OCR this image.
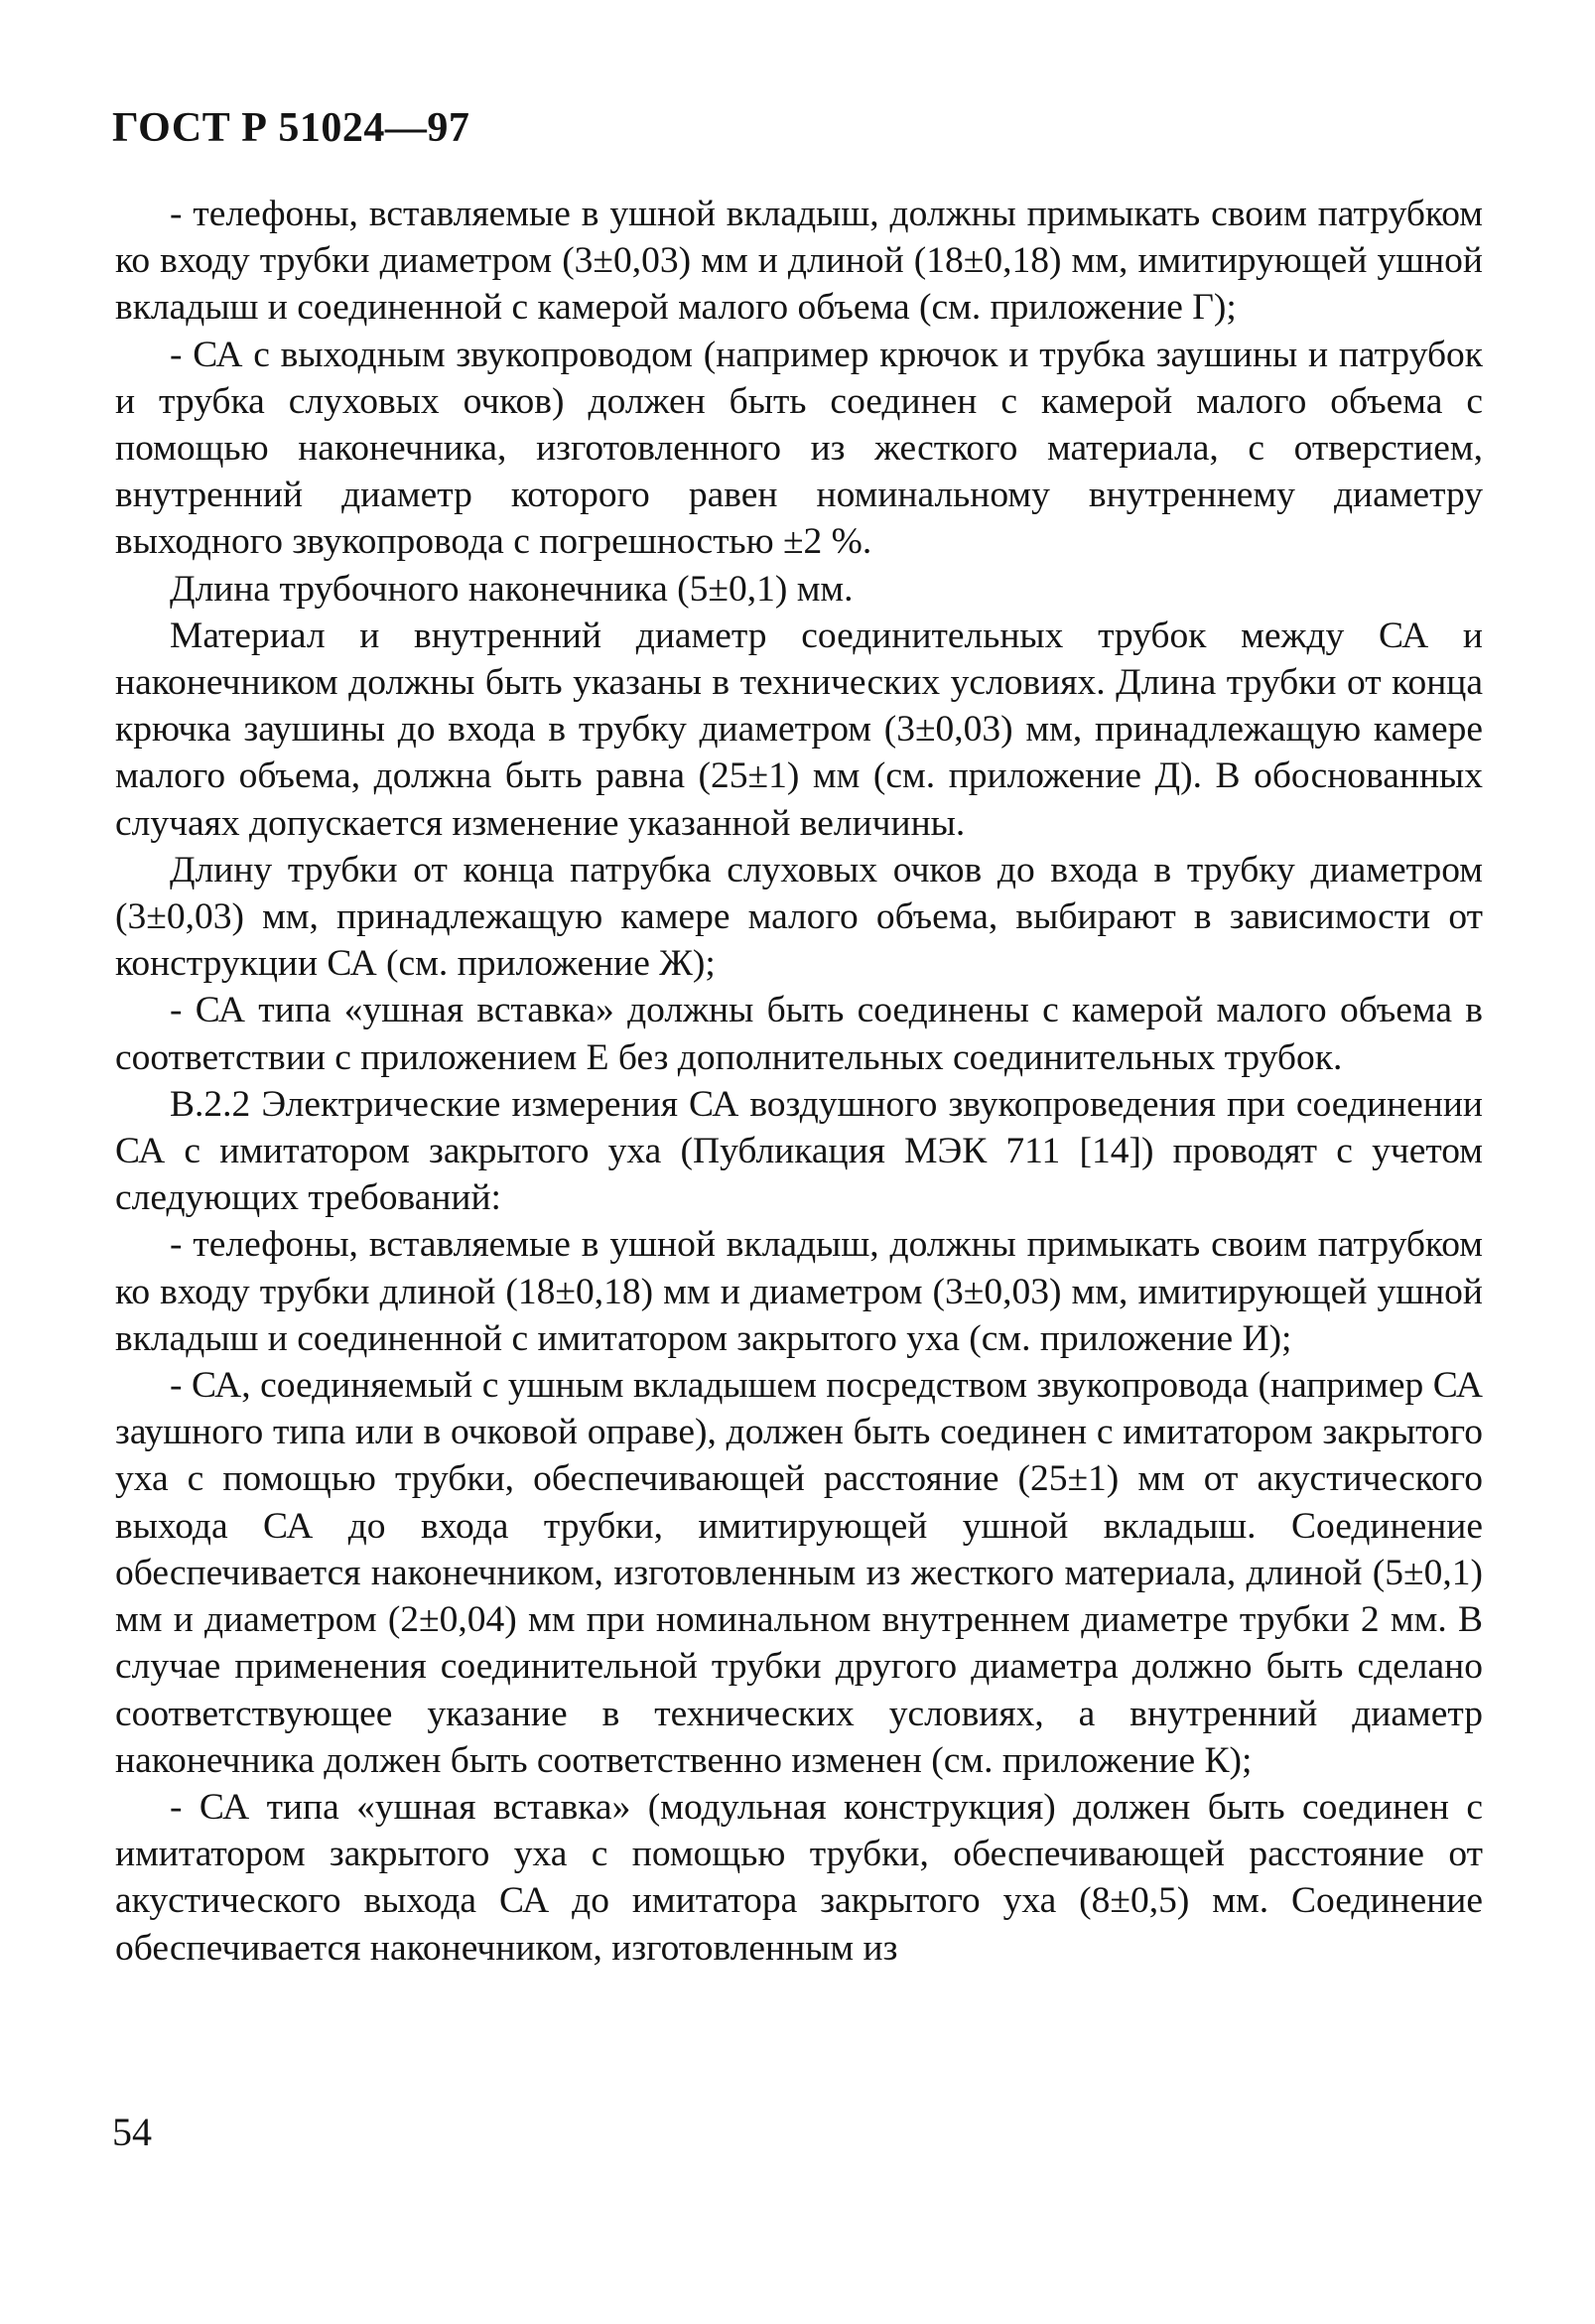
ГОСТ Р 51024—97

- телефоны, вставляемые в ушной вкладыш, должны примыкать своим патрубком ко входу трубки диаметром (3±0,03) мм и длиной (18±0,18) мм, имитирующей ушной вкладыш и соединенной с камерой малого объема (см. приложение Г);

- СА с выходным звукопроводом (например крючок и трубка заушины и патрубок и трубка слуховых очков) должен быть соединен с камерой малого объема с помощью наконечника, изготовленного из жесткого материала, с отверстием, внутренний диаметр которого равен номинальному внутреннему диаметру выходного звукопровода с погрешностью ±2 %.

Длина трубочного наконечника (5±0,1) мм.

Материал и внутренний диаметр соединительных трубок между СА и наконечником должны быть указаны в технических условиях. Длина трубки от конца крючка заушины до входа в трубку диаметром (3±0,03) мм, принадлежащую камере малого объема, должна быть равна (25±1) мм (см. приложение Д). В обоснованных случаях допускается изменение указанной величины.

Длину трубки от конца патрубка слуховых очков до входа в трубку диаметром (3±0,03) мм, принадлежащую камере малого объема, выбирают в зависимости от конструкции СА (см. приложение Ж);

- СА типа «ушная вставка» должны быть соединены с камерой малого объема в соответствии с приложением Е без дополнительных соединительных трубок.

В.2.2 Электрические измерения СА воздушного звукопроведения при соединении СА с имитатором закрытого уха (Публикация МЭК 711 [14]) проводят с учетом следующих требований:

- телефоны, вставляемые в ушной вкладыш, должны примыкать своим патрубком ко входу трубки длиной (18±0,18) мм и диаметром (3±0,03) мм, имитирующей ушной вкладыш и соединенной с имитатором закрытого уха (см. приложение И);

- СА, соединяемый с ушным вкладышем посредством звукопровода (например СА заушного типа или в очковой оправе), должен быть соединен с имитатором закрытого уха с помощью трубки, обеспечивающей расстояние (25±1) мм от акустического выхода СА до входа трубки, имитирующей ушной вкладыш. Соединение обеспечивается наконечником, изготовленным из жесткого материала, длиной (5±0,1) мм и диаметром (2±0,04) мм при номинальном внутреннем диаметре трубки 2 мм. В случае применения соединительной трубки другого диаметра должно быть сделано соответствующее указание в технических условиях, а внутренний диаметр наконечника должен быть соответственно изменен (см. приложение К);

- СА типа «ушная вставка» (модульная конструкция) должен быть соединен с имитатором закрытого уха с помощью трубки, обеспечивающей расстояние от акустического выхода СА до имитатора закрытого уха (8±0,5) мм. Соединение обеспечивается наконечником, изготовленным из

54
